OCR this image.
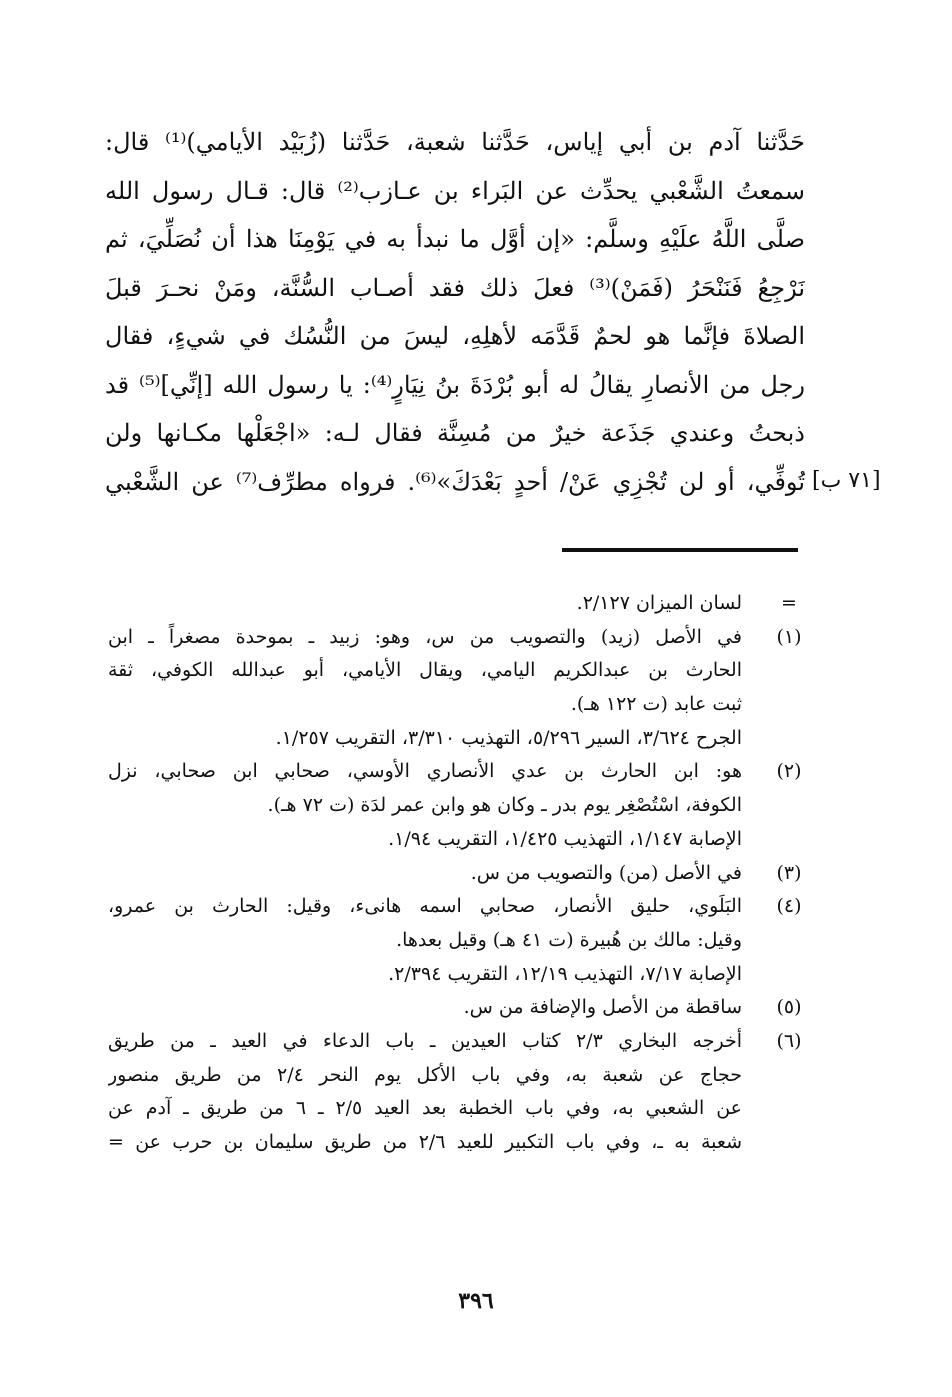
حَدَّثنا آدم بن أبي إياس، حَدَّثنا شعبة، حَدَّثنا (زُبَيْد الأيامي)⁽¹⁾ قال:
سمعتُ الشَّعْبي يحدِّث عن البَراء بن عـازب⁽²⁾ قال: قـال رسول الله
صلَّى اللَّهُ علَيْهِ وسلَّم: «إن أوَّل ما نبدأ به في يَوْمِنَا هذا أن نُصَلِّيَ، ثم
نَرْجِعُ فَنَنْحَرُ (فَمَنْ)⁽³⁾ فعلَ ذلك فقد أصـاب السُّنَّة، ومَنْ نحـرَ قبلَ
الصلاةَ فإنَّما هو لحمٌ قَدَّمَه لأهلِهِ، ليسَ من النُّسُك في شيءٍ، فقال
رجل من الأنصارِ يقالُ له أبو بُرْدَةَ بنُ نِيَارٍ⁽⁴⁾: يا رسول الله [إنِّي]⁽⁵⁾ قد
ذبحتُ وعندي جَذَعة خيرٌ من مُسِنَّة فقال لـه: «اجْعَلْها مكـانها ولن
تُوفِّي، أو لن تُجْزِي عَنْ/ أحدٍ بَعْدَكَ»⁽⁶⁾. فرواه مطرِّف⁽⁷⁾ عن الشَّعْبي [٧١ ب]
=
لسان الميزان ٢/١٢٧.
(١)
في الأصل (زيد) والتصويب من س، وهو: زبيد ـ بموحدة مصغراً ـ ابن
الحارث بن عبدالكريم اليامي، ويقال الأيامي، أبو عبدالله الكوفي، ثقة
ثبت عابد (ت ١٢٢ هـ).
الجرح ٣/٦٢٤، السير ٥/٢٩٦، التهذيب ٣/٣١٠، التقريب ١/٢٥٧.
(٢)
هو: ابن الحارث بن عدي الأنصاري الأوسي، صحابي ابن صحابي، نزل
الكوفة، اسْتُصْغِر يوم بدر ـ وكان هو وابن عمر لدَة (ت ٧٢ هـ).
الإصابة ١/١٤٧، التهذيب ١/٤٢٥، التقريب ١/٩٤.
(٣)
في الأصل (من) والتصويب من س.
(٤)
البَلَوي، حليق الأنصار، صحابي اسمه هانىء، وقيل: الحارث بن عمرو،
وقيل: مالك بن هُبيرة (ت ٤١ هـ) وقيل بعدها.
الإصابة ٧/١٧، التهذيب ١٢/١٩، التقريب ٢/٣٩٤.
(٥)
ساقطة من الأصل والإضافة من س.
(٦)
أخرجه البخاري ٢/٣ كتاب العيدين ـ باب الدعاء في العيد ـ من طريق
حجاج عن شعبة به، وفي باب الأكل يوم النحر ٢/٤ من طريق منصور
عن الشعبي به، وفي باب الخطبة بعد العيد ٢/٥ ـ ٦ من طريق ـ آدم عن
شعبة به ـ، وفي باب التكبير للعيد ٢/٦ من طريق سليمان بن حرب عن =
٣٩٦
